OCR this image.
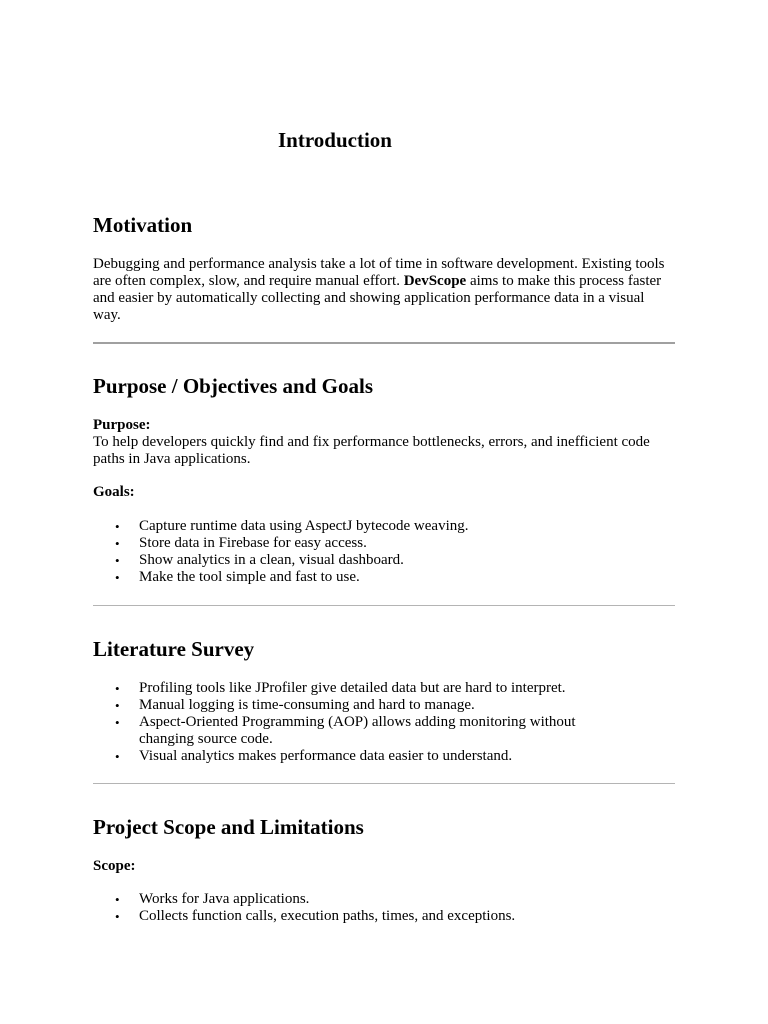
Introduction
Motivation

Debugging and performance analysis take a lot of time in software development. Existing tools are often complex, slow, and require manual effort. DevScope aims to make this process faster and easier by automatically collecting and showing application performance data in a visual way.

Purpose / Objectives and Goals
Purpose:

To help developers quickly find and fix performance bottlenecks, errors, and inefficient code paths in Java applications.

Goals:
• Capture runtime data using AspectJ bytecode weaving.
• Store data in Firebase for easy access.
• Show analytics in a clean, visual dashboard.
• Make the tool simple and fast to use.
Literature Survey
• Profiling tools like JProfiler give detailed data but are hard to interpret.
• Manual logging is time-consuming and hard to manage.
• Aspect-Oriented Programming (AOP) allows adding monitoring without changing source code.
• Visual analytics makes performance data easier to understand.
Project Scope and Limitations
Scope:
• Works for Java applications.
• Collects function calls, execution paths, times, and exceptions.
